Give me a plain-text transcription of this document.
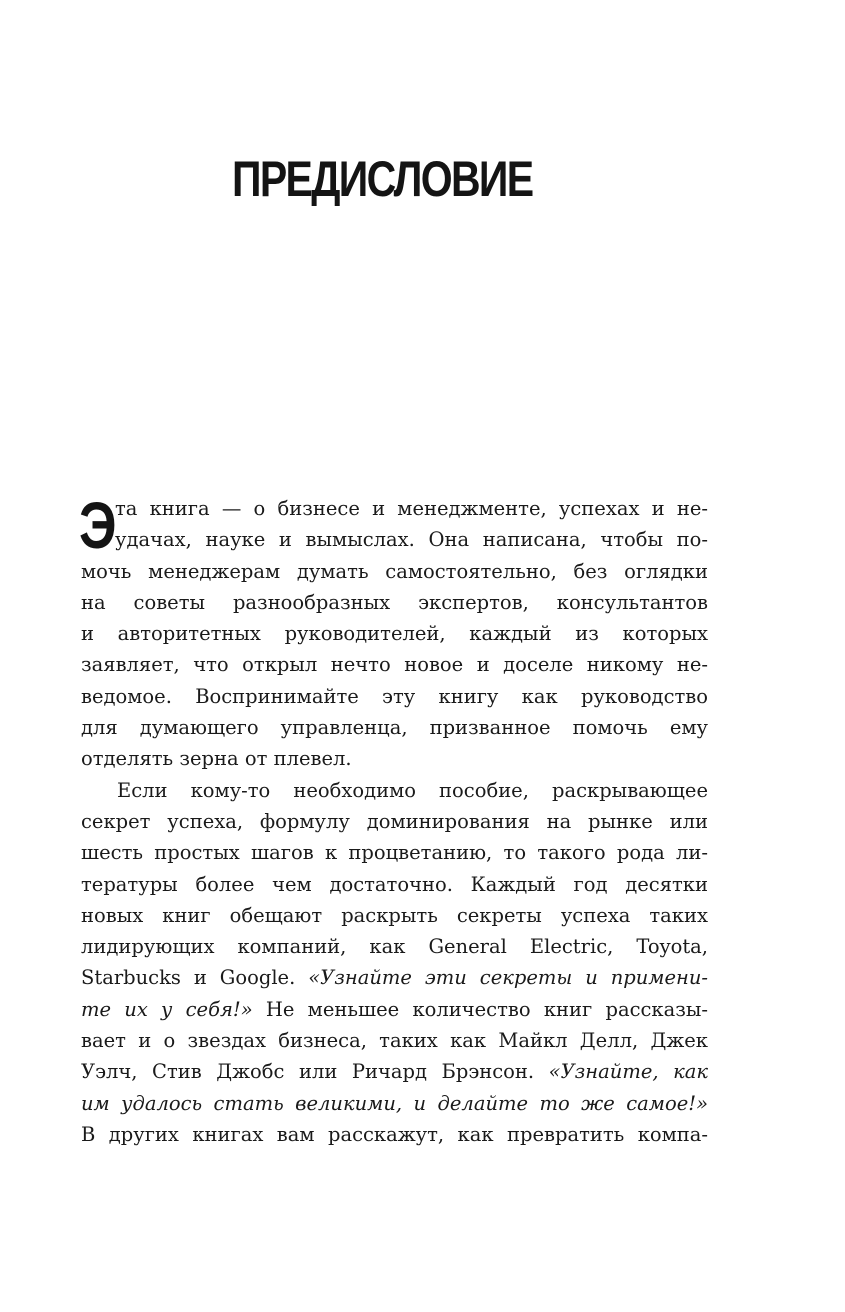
ПРЕДИСЛОВИЕ
Э
та книга — о бизнесе и менеджменте, успехах и не-
удачах, науке и вымыслах. Она написана, чтобы по-
мочь менеджерам думать самостоятельно, без оглядки
на советы разнообразных экспертов, консультантов
и авторитетных руководителей, каждый из которых
заявляет, что открыл нечто новое и доселе никому не-
ведомое. Воспринимайте эту книгу как руководство
для думающего управленца, призванное помочь ему
отделять зерна от плевел.
Если кому-то необходимо пособие, раскрывающее
секрет успеха, формулу доминирования на рынке или
шесть простых шагов к процветанию, то такого рода ли-
тературы более чем достаточно. Каждый год десятки
новых книг обещают раскрыть секреты успеха таких
лидирующих компаний, как General Electric, Toyota,
Starbucks и Google. «Узнайте эти секреты и примени-
те их у себя!» Не меньшее количество книг рассказы-
вает и о звездах бизнеса, таких как Майкл Делл, Джек
Уэлч, Стив Джобс или Ричард Брэнсон. «Узнайте, как
им удалось стать великими, и делайте то же самое!»
В других книгах вам расскажут, как превратить компа-
